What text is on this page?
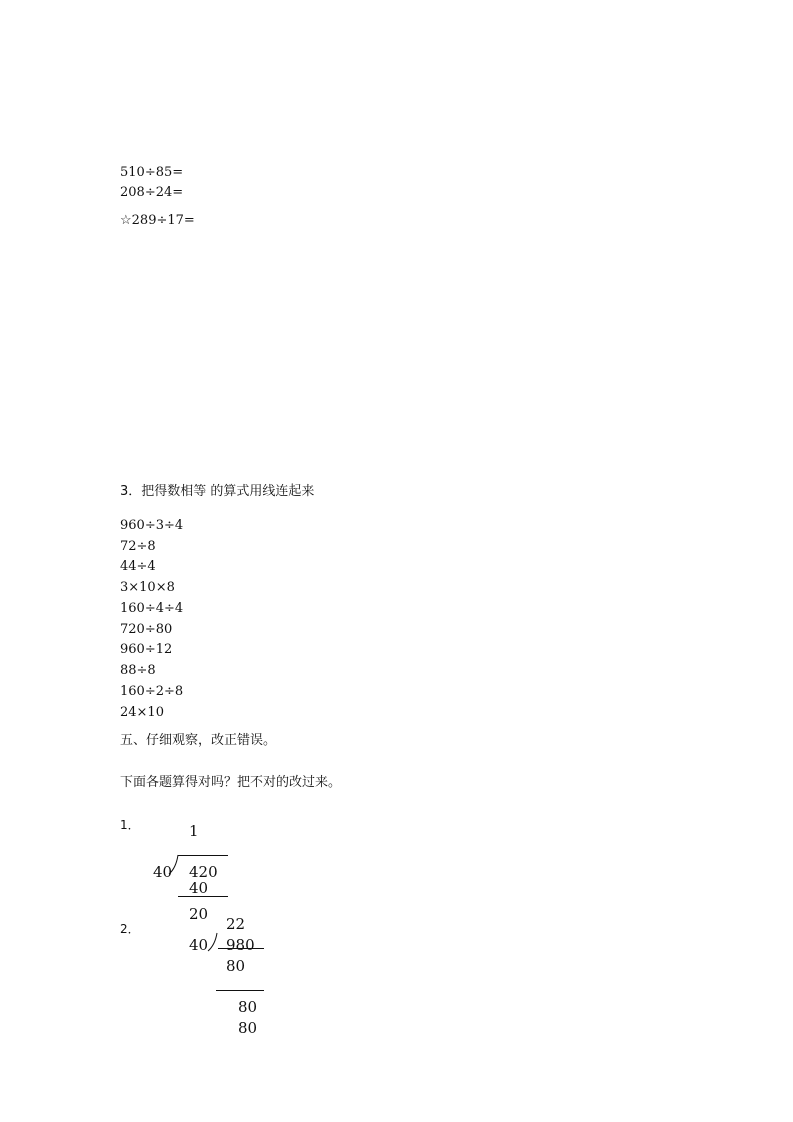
510÷85=
208÷24=
☆289÷17=
3．把得数相等 的算式用线连起来
960÷3÷4
72÷8
44÷4
3×10×8
160÷4÷4
720÷80
960÷12
88÷8
160÷2÷8
24×10
五、仔细观察，改正错误。
下面各题算得对吗？把不对的改过来。
1．	1
40 420
40
20
2．	22
40 980
80
80
80
